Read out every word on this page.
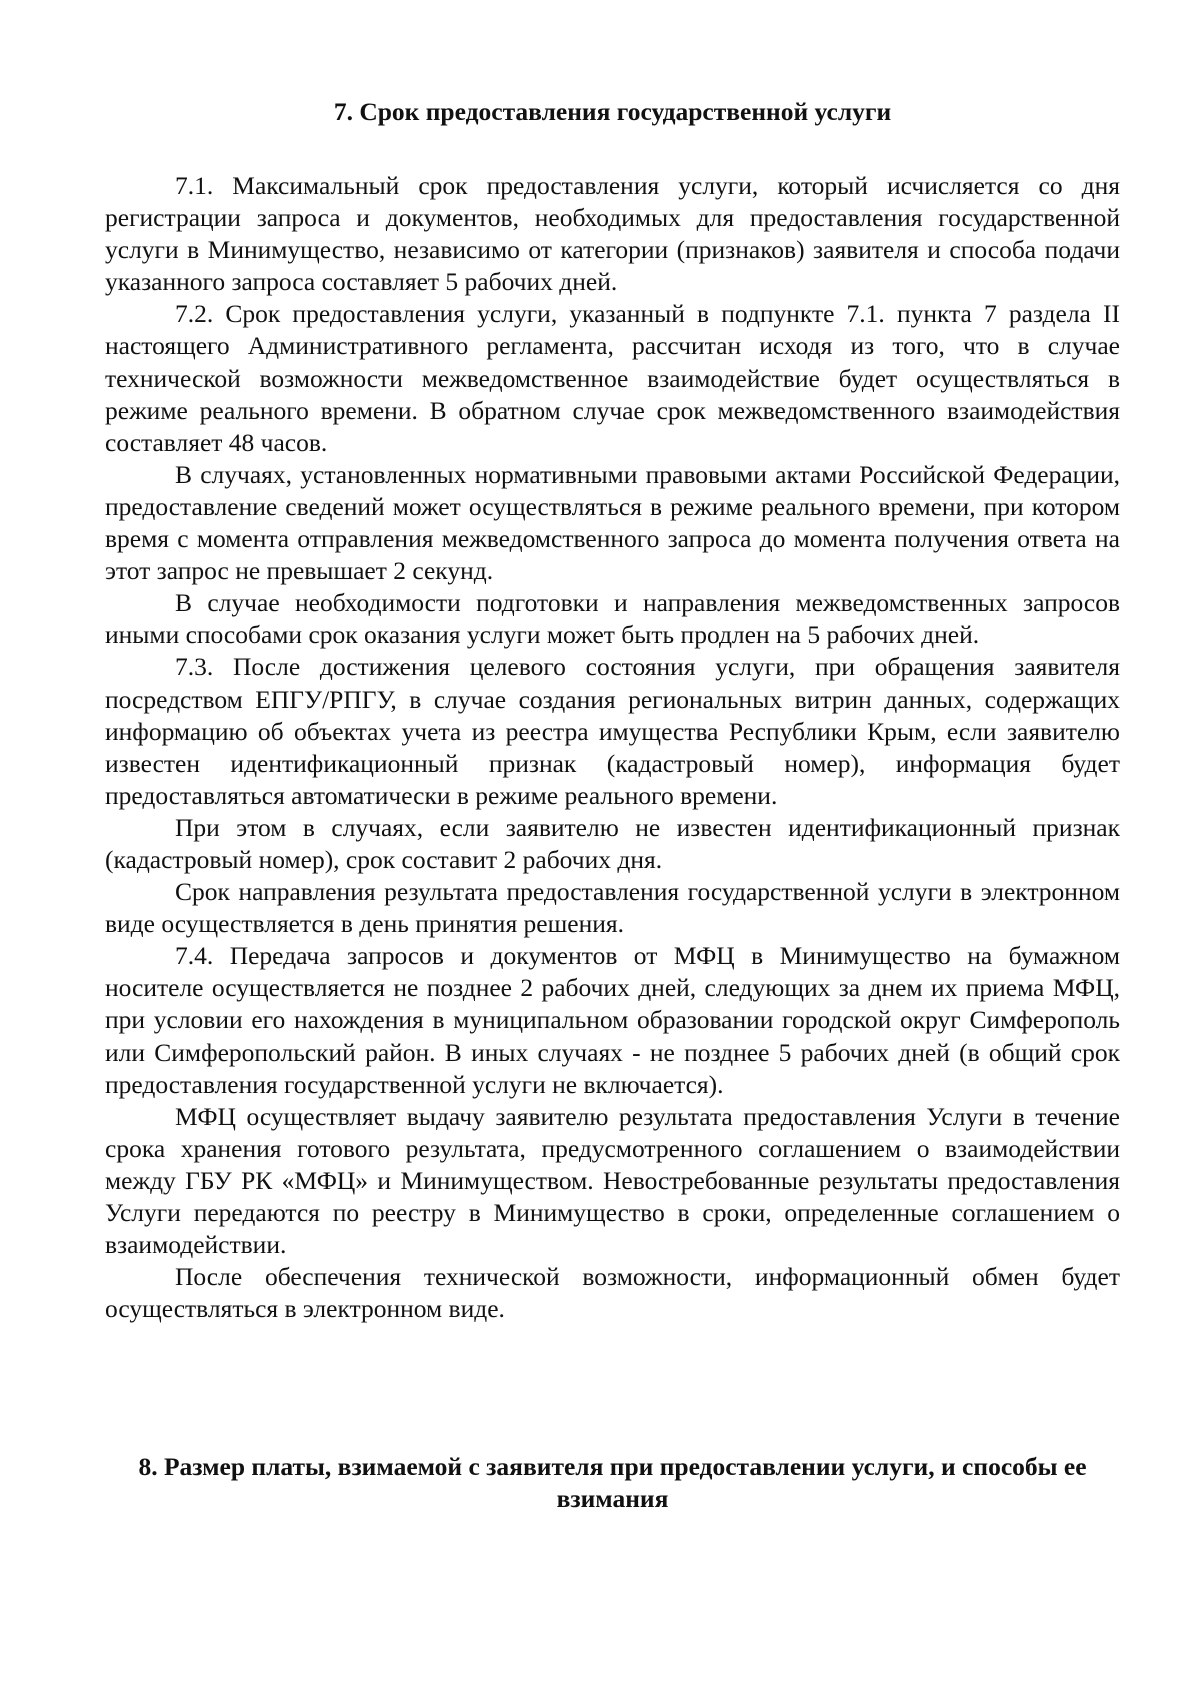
7. Срок предоставления государственной услуги

7.1. Максимальный срок предоставления услуги, который исчисляется со дня регистрации запроса и документов, необходимых для предоставления государственной услуги в Минимущество, независимо от категории (признаков) заявителя и способа подачи указанного запроса составляет 5 рабочих дней.

7.2. Срок предоставления услуги, указанный в подпункте 7.1. пункта 7 раздела II настоящего Административного регламента, рассчитан исходя из того, что в случае технической возможности межведомственное взаимодействие будет осуществляться в режиме реального времени. В обратном случае срок межведомственного взаимодействия составляет 48 часов.

В случаях, установленных нормативными правовыми актами Российской Федерации, предоставление сведений может осуществляться в режиме реального времени, при котором время с момента отправления межведомственного запроса до момента получения ответа на этот запрос не превышает 2 секунд.

В случае необходимости подготовки и направления межведомственных запросов иными способами срок оказания услуги может быть продлен на 5 рабочих дней.

7.3. После достижения целевого состояния услуги, при обращения заявителя посредством ЕПГУ/РПГУ, в случае создания региональных витрин данных, содержащих информацию об объектах учета из реестра имущества Республики Крым, если заявителю известен идентификационный признак (кадастровый номер), информация будет предоставляться автоматически в режиме реального времени.

При этом в случаях, если заявителю не известен идентификационный признак (кадастровый номер), срок составит 2 рабочих дня.

Срок направления результата предоставления государственной услуги в электронном виде осуществляется в день принятия решения.

7.4. Передача запросов и документов от МФЦ в Минимущество на бумажном носителе осуществляется не позднее 2 рабочих дней, следующих за днем их приема МФЦ, при условии его нахождения в муниципальном образовании городской округ Симферополь или Симферопольский район. В иных случаях - не позднее 5 рабочих дней (в общий срок предоставления государственной услуги не включается).

МФЦ осуществляет выдачу заявителю результата предоставления Услуги в течение срока хранения готового результата, предусмотренного соглашением о взаимодействии между ГБУ РК «МФЦ» и Минимуществом. Невостребованные результаты предоставления Услуги передаются по реестру в Минимущество в сроки, определенные соглашением о взаимодействии.

После обеспечения технической возможности, информационный обмен будет осуществляться в электронном виде.

8. Размер платы, взимаемой с заявителя при предоставлении услуги, и способы ее взимания
